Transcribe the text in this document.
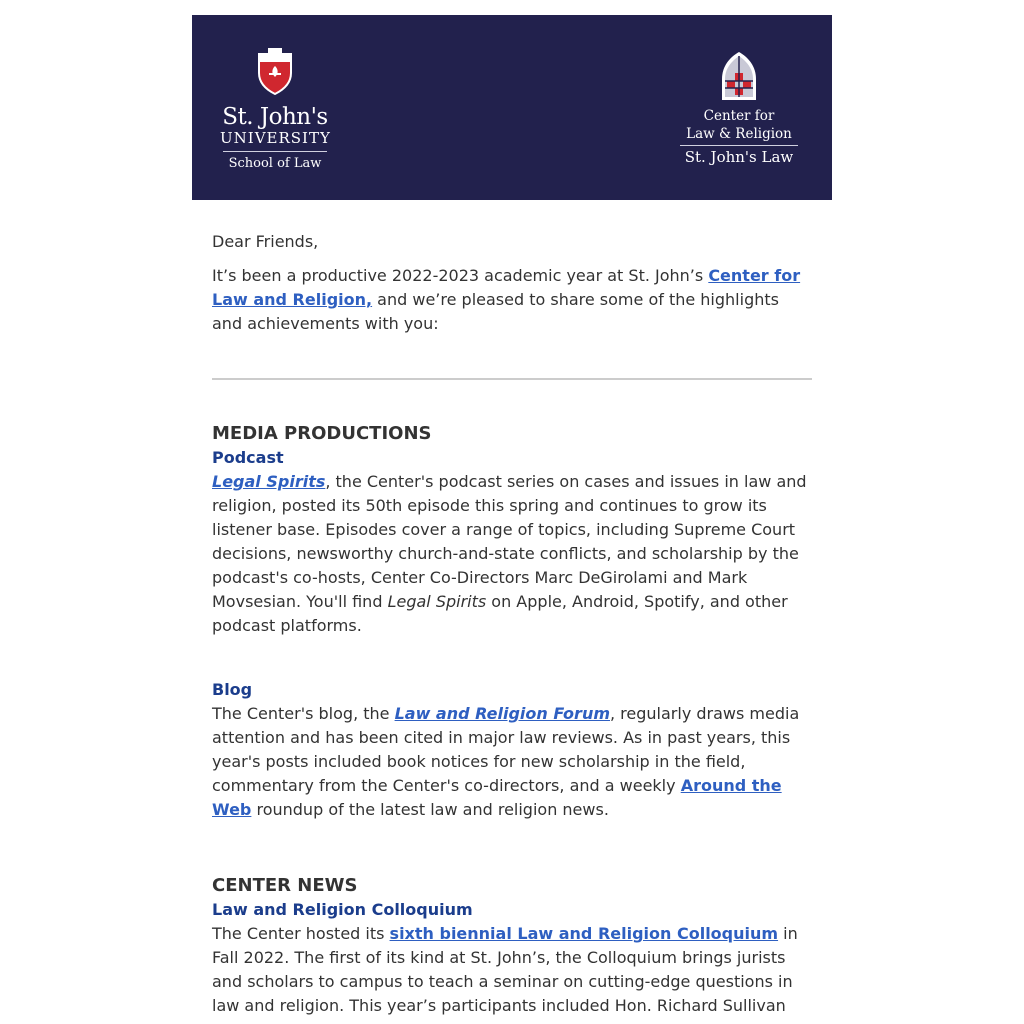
St. John's
UNIVERSITY
School of Law
Center for
Law & Religion
St. John's Law

Dear Friends,

It’s been a productive 2022-2023 academic year at St. John’s Center for Law and Religion, and we’re pleased to share some of the highlights and achievements with you:

MEDIA PRODUCTIONS

Podcast

Legal Spirits, the Center's podcast series on cases and issues in law and religion, posted its 50th episode this spring and continues to grow its listener base. Episodes cover a range of topics, including Supreme Court decisions, newsworthy church-and-state conflicts, and scholarship by the podcast's co-hosts, Center Co-Directors Marc DeGirolami and Mark Movsesian. You'll find Legal Spirits on Apple, Android, Spotify, and other podcast platforms.

Blog

The Center's blog, the Law and Religion Forum, regularly draws media attention and has been cited in major law reviews. As in past years, this year's posts included book notices for new scholarship in the field, commentary from the Center's co-directors, and a weekly Around the Web roundup of the latest law and religion news.

CENTER NEWS

Law and Religion Colloquium

The Center hosted its sixth biennial Law and Religion Colloquium in Fall 2022. The first of its kind at St. John’s, the Colloquium brings jurists and scholars to campus to teach a seminar on cutting-edge questions in law and religion. This year’s participants included Hon. Richard Sullivan
